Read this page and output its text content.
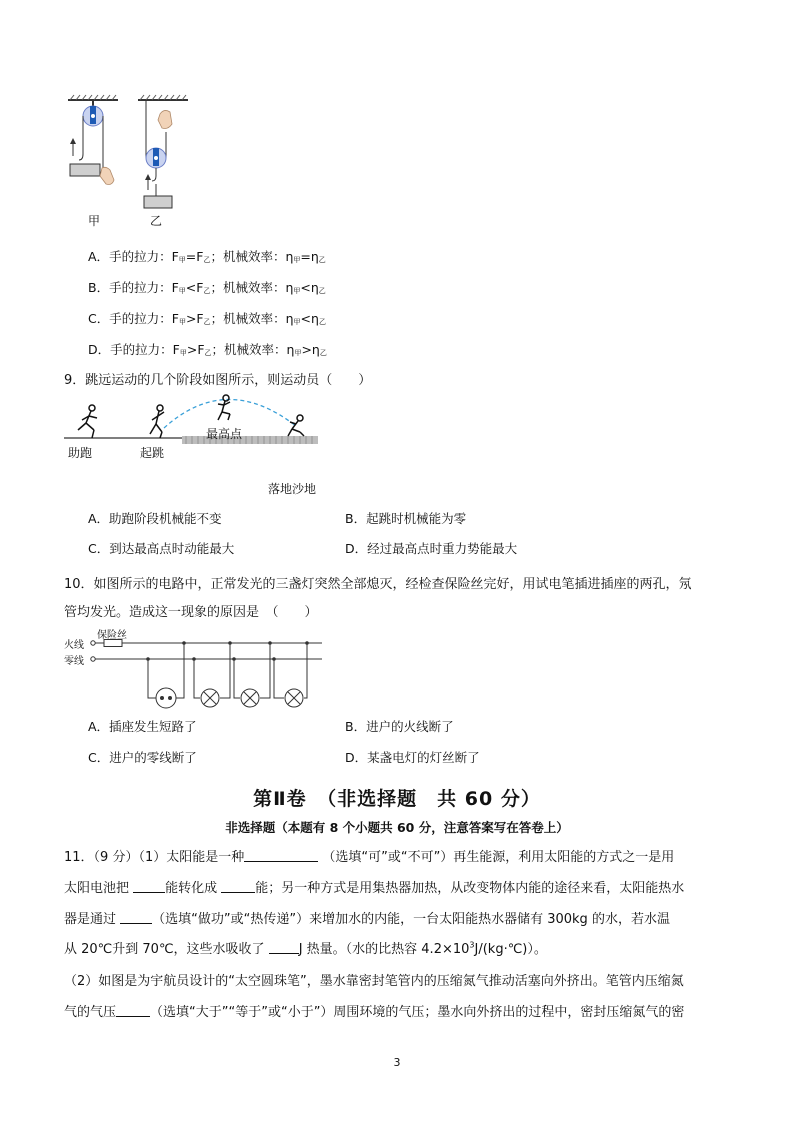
甲	乙
A．手的拉力：F甲=F乙；机械效率：η甲=η乙
B．手的拉力：F甲<F乙；机械效率：η甲<η乙
C．手的拉力：F甲>F乙；机械效率：η甲<η乙
D．手的拉力：F甲>F乙；机械效率：η甲>η乙
9．跳远运动的几个阶段如图所示，则运动员（　　）
最高点
助跑	起跳
落地沙地
A．助跑阶段机械能不变	B．起跳时机械能为零
C．到达最高点时动能最大	D．经过最高点时重力势能最大
10．如图所示的电路中，正常发光的三盏灯突然全部熄灭，经检查保险丝完好，用试电笔插进插座的两孔，氖
管均发光。造成这一现象的原因是　（　　）
火线
零线
保险丝
A．插座发生短路了	B．进户的火线断了
C．进户的零线断了	D．某盏电灯的灯丝断了
第Ⅱ卷　（非选择题　共 60 分）
非选择题（本题有 8 个小题共 60 分，注意答案写在答卷上）
11．（9 分）（1）太阳能是一种	（选填“可”或“不可”）再生能源，利用太阳能的方式之一是用
太阳电池把 能转化成	能；另一种方式是用集热器加热，从改变物体内能的途径来看，太阳能热水
器是通过 （选填“做功”或“热传递”）来增加水的内能，一台太阳能热水器储有 300kg 的水，若水温
从 20℃升到 70℃，这些水吸收了 J 热量。（水的比热容 $4.2\times 10^3J/(kg\cdot℃)$）。
（2）如图是为宇航员设计的“太空圆珠笔”，墨水靠密封笔管内的压缩氮气推动活塞向外挤出。笔管内压缩氮
气的气压	（选填“大于”“等于”或“小于”）周围环境的气压；墨水向外挤出的过程中，密封压缩氮气的密
3
